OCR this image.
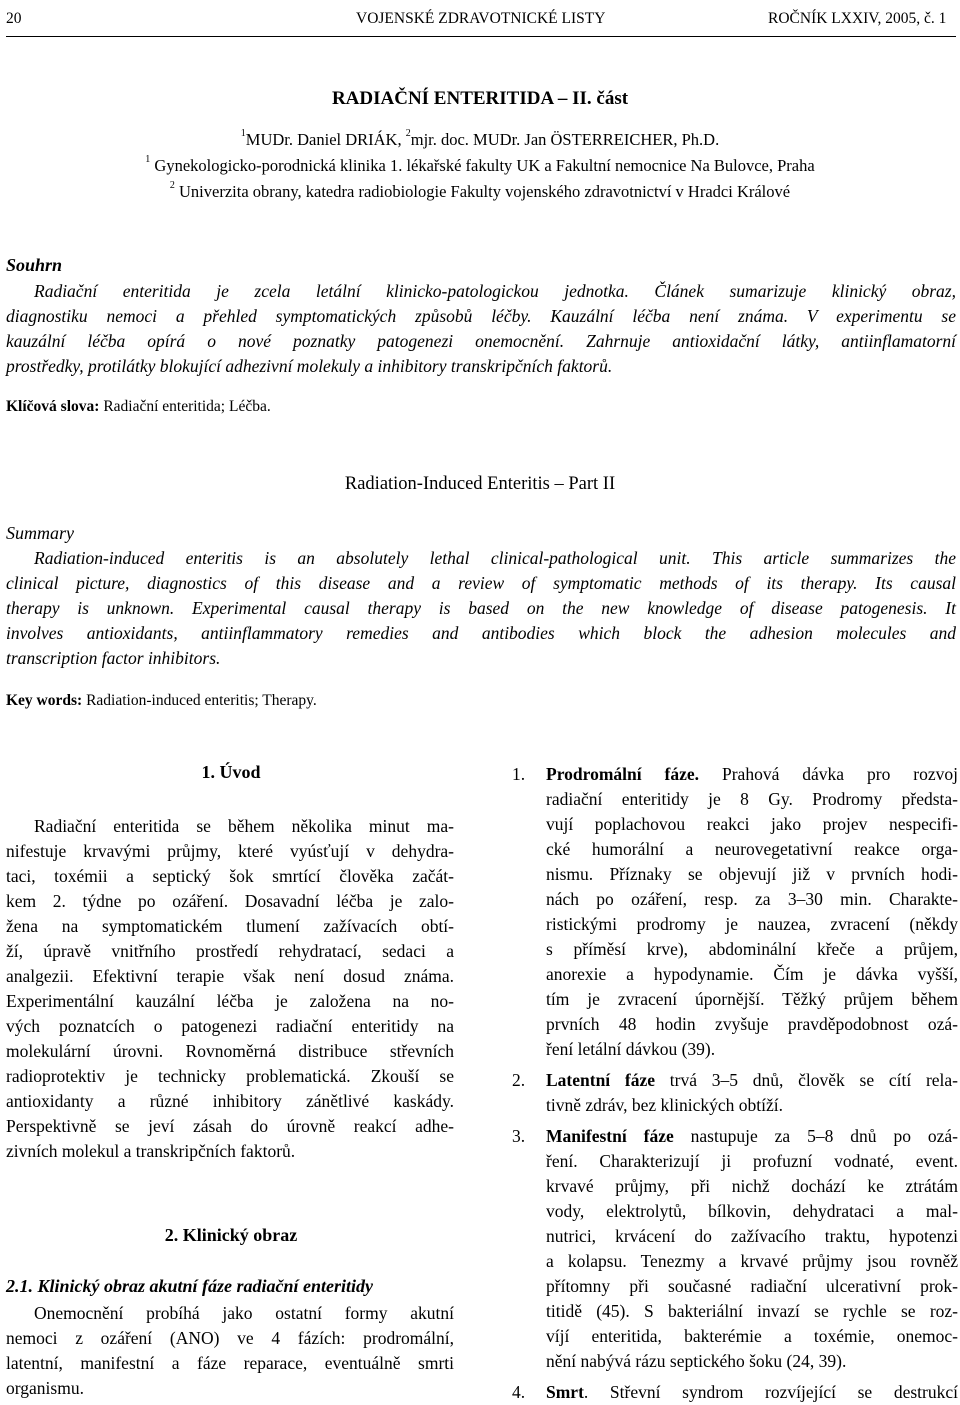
20	VOJENSKÉ ZDRAVOTNICKÉ LISTY	ROČNÍK LXXIV, 2005, č. 1
RADIAČNÍ ENTERITIDA – II. část
$^1$MUDr. Daniel DRIÁK, $^2$mjr. doc. MUDr. Jan ÖSTERREICHER, Ph.D.
$^1$ Gynekologicko-porodnická klinika 1. lékařské fakulty UK a Fakultní nemocnice Na Bulovce, Praha
$^2$ Univerzita obrany, katedra radiobiologie Fakulty vojenského zdravotnictví v Hradci Králové
Souhrn
Radiační enteritida je zcela letální klinicko-patologickou jednotka. Článek sumarizuje klinický obraz,
diagnostiku nemoci a přehled symptomatických způsobů léčby. Kauzální léčba není známa. V experimentu se
kauzální léčba opírá o nové poznatky patogenezi onemocnění. Zahrnuje antioxidační látky, antiinflamatorní
prostředky, protilátky blokující adhezivní molekuly a inhibitory transkripčních faktorů.
Klíčová slova: Radiační enteritida; Léčba.
Radiation-Induced Enteritis – Part II
Summary
Radiation-induced enteritis is an absolutely lethal clinical-pathological unit. This article summarizes the
clinical picture, diagnostics of this disease and a review of symptomatic methods of its therapy. Its causal
therapy is unknown. Experimental causal therapy is based on the new knowledge of disease patogenesis. It
involves antioxidants, antiinflammatory remedies and antibodies which block the adhesion molecules and
transcription factor inhibitors.
Key words: Radiation-induced enteritis; Therapy.
1. Úvod
Radiační enteritida se během několika minut ma-
nifestuje krvavými průjmy, které vyúsťují v dehydra-
taci, toxémii a septický šok smrtící člověka začát-
kem 2. týdne po ozáření. Dosavadní léčba je zalo-
žena na symptomatickém tlumení zažívacích obtí-
ží, úpravě vnitřního prostředí rehydratací, sedaci a
analgezii. Efektivní terapie však není dosud známa.
Experimentální kauzální léčba je založena na no-
vých poznatcích o patogenezi radiační enteritidy na
molekulární úrovni. Rovnoměrná distribuce střevních
radioprotektiv je technicky problematická. Zkouší se
antioxidanty a různé inhibitory zánětlivé kaskády.
Perspektivně se jeví zásah do úrovně reakcí adhe-
zivních molekul a transkripčních faktorů.
2. Klinický obraz
2.1. Klinický obraz akutní fáze radiační enteritidy
Onemocnění probíhá jako ostatní formy akutní
nemoci z ozáření (ANO) ve 4 fázích: prodromální,
latentní, manifestní a fáze reparace, eventuálně smrti
organismu.
1. Prodromální fáze. Prahová dávka pro rozvoj
radiační enteritidy je 8 Gy. Prodromy předsta-
vují poplachovou reakci jako projev nespecifi-
cké humorální a neurovegetativní reakce orga-
nismu. Příznaky se objevují již v prvních hodi-
nách po ozáření, resp. za 3–30 min. Charakte-
ristickými prodromy je nauzea, zvracení (někdy
s příměsí krve), abdominální křeče a průjem,
anorexie a hypodynamie. Čím je dávka vyšší,
tím je zvracení úpornější. Těžký průjem během
prvních 48 hodin zvyšuje pravděpodobnost ozá-
ření letální dávkou (39).
2. Latentní fáze trvá 3–5 dnů, člověk se cítí rela-
tivně zdráv, bez klinických obtíží.
3. Manifestní fáze nastupuje za 5–8 dnů po ozá-
ření. Charakterizují ji profuzní vodnaté, event.
krvavé průjmy, při nichž dochází ke ztrátám
vody, elektrolytů, bílkovin, dehydrataci a mal-
nutrici, krvácení do zažívacího traktu, hypotenzi
a kolapsu. Tenezmy a krvavé průjmy jsou rovněž
přítomny při současné radiační ulcerativní prok-
titidě (45). S bakteriální invazí se rychle se roz-
víjí enteritida, bakterémie a toxémie, onemoc-
nění nabývá rázu septického šoku (24, 39).
4. Smrt. Střevní syndrom rozvíjející se destrukcí
